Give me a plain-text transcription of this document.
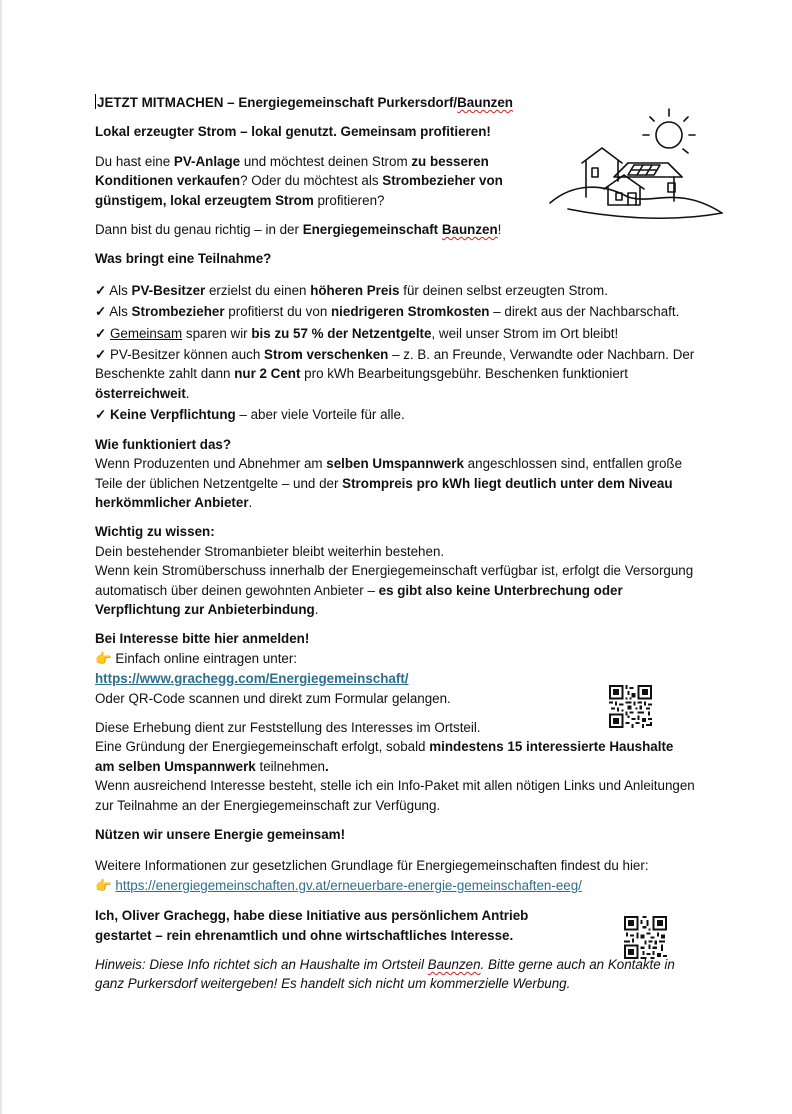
JETZT MITMACHEN – Energiegemeinschaft Purkersdorf/Baunzen

Lokal erzeugter Strom – lokal genutzt. Gemeinsam profitieren!

Du hast eine PV-Anlage und möchtest deinen Strom zu besseren Konditionen verkaufen? Oder du möchtest als Strombezieher von günstigem, lokal erzeugtem Strom profitieren?

Dann bist du genau richtig – in der Energiegemeinschaft Baunzen!

Was bringt eine Teilnahme?

✓ Als PV-Besitzer erzielst du einen höheren Preis für deinen selbst erzeugten Strom.

✓ Als Strombezieher profitierst du von niedrigeren Stromkosten – direkt aus der Nachbarschaft.

✓ Gemeinsam sparen wir bis zu 57 % der Netzentgelte, weil unser Strom im Ort bleibt!

✓ PV-Besitzer können auch Strom verschenken – z. B. an Freunde, Verwandte oder Nachbarn. Der Beschenkte zahlt dann nur 2 Cent pro kWh Bearbeitungsgebühr. Beschenken funktioniert österreichweit.

✓ Keine Verpflichtung – aber viele Vorteile für alle.

Wie funktioniert das?
Wenn Produzenten und Abnehmer am selben Umspannwerk angeschlossen sind, entfallen große Teile der üblichen Netzentgelte – und der Strompreis pro kWh liegt deutlich unter dem Niveau herkömmlicher Anbieter.
Wichtig zu wissen:
Dein bestehender Stromanbieter bleibt weiterhin bestehen.
Wenn kein Stromüberschuss innerhalb der Energiegemeinschaft verfügbar ist, erfolgt die Versorgung automatisch über deinen gewohnten Anbieter – es gibt also keine Unterbrechung oder Verpflichtung zur Anbieterbindung.
Bei Interesse bitte hier anmelden!
👉 Einfach online eintragen unter:
https://www.grachegg.com/Energiegemeinschaft/
Oder QR-Code scannen und direkt zum Formular gelangen.
Diese Erhebung dient zur Feststellung des Interesses im Ortsteil.
Eine Gründung der Energiegemeinschaft erfolgt, sobald mindestens 15 interessierte Haushalte am selben Umspannwerk teilnehmen.
Wenn ausreichend Interesse besteht, stelle ich ein Info-Paket mit allen nötigen Links und Anleitungen zur Teilnahme an der Energiegemeinschaft zur Verfügung.

Nützen wir unsere Energie gemeinsam!

Weitere Informationen zur gesetzlichen Grundlage für Energiegemeinschaften findest du hier:
👉 https://energiegemeinschaften.gv.at/erneuerbare-energie-gemeinschaften-eeg/

Ich, Oliver Grachegg, habe diese Initiative aus persönlichem Antrieb gestartet – rein ehrenamtlich und ohne wirtschaftliches Interesse.

Hinweis: Diese Info richtet sich an Haushalte im Ortsteil Baunzen. Bitte gerne auch an Kontakte in ganz Purkersdorf weitergeben! Es handelt sich nicht um kommerzielle Werbung.
